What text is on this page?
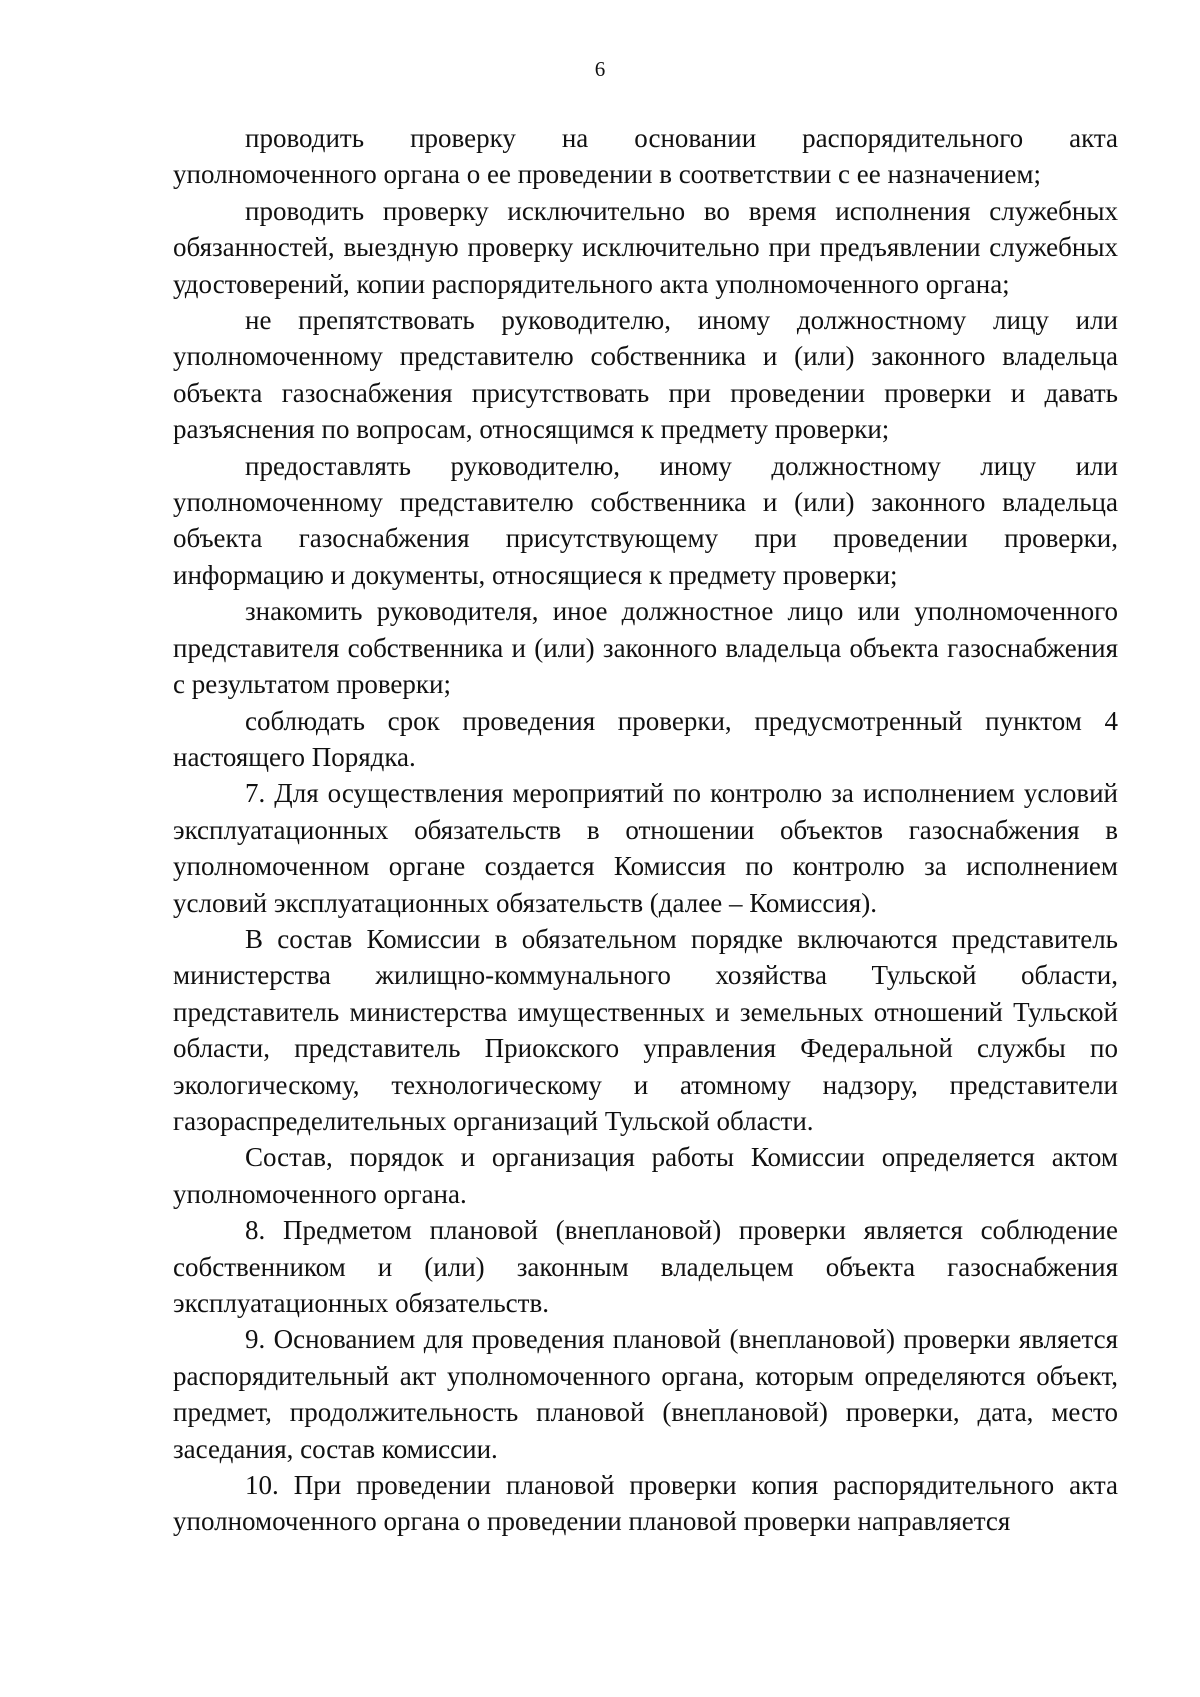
6

проводить проверку на основании распорядительного акта уполномоченного органа о ее проведении в соответствии с ее назначением;

проводить проверку исключительно во время исполнения служебных обязанностей, выездную проверку исключительно при предъявлении служебных удостоверений, копии распорядительного акта уполномоченного органа;

не препятствовать руководителю, иному должностному лицу или уполномоченному представителю собственника и (или) законного владельца объекта газоснабжения присутствовать при проведении проверки и давать разъяснения по вопросам, относящимся к предмету проверки;

предоставлять руководителю, иному должностному лицу или уполномоченному представителю собственника и (или) законного владельца объекта газоснабжения присутствующему при проведении проверки, информацию и документы, относящиеся к предмету проверки;

знакомить руководителя, иное должностное лицо или уполномоченного представителя собственника и (или) законного владельца объекта газоснабжения с результатом проверки;

соблюдать срок проведения проверки, предусмотренный пунктом 4 настоящего Порядка.

7. Для осуществления мероприятий по контролю за исполнением условий эксплуатационных обязательств в отношении объектов газоснабжения в уполномоченном органе создается Комиссия по контролю за исполнением условий эксплуатационных обязательств (далее – Комиссия).

В состав Комиссии в обязательном порядке включаются представитель министерства жилищно-коммунального хозяйства Тульской области, представитель министерства имущественных и земельных отношений Тульской области, представитель Приокского управления Федеральной службы по экологическому, технологическому и атомному надзору, представители газораспределительных организаций Тульской области.

Состав, порядок и организация работы Комиссии определяется актом уполномоченного органа.

8. Предметом плановой (внеплановой) проверки является соблюдение собственником и (или) законным владельцем объекта газоснабжения эксплуатационных обязательств.

9. Основанием для проведения плановой (внеплановой) проверки является распорядительный акт уполномоченного органа, которым определяются объект, предмет, продолжительность плановой (внеплановой) проверки, дата, место заседания, состав комиссии.

10. При проведении плановой проверки копия распорядительного акта уполномоченного органа о проведении плановой проверки направляется
